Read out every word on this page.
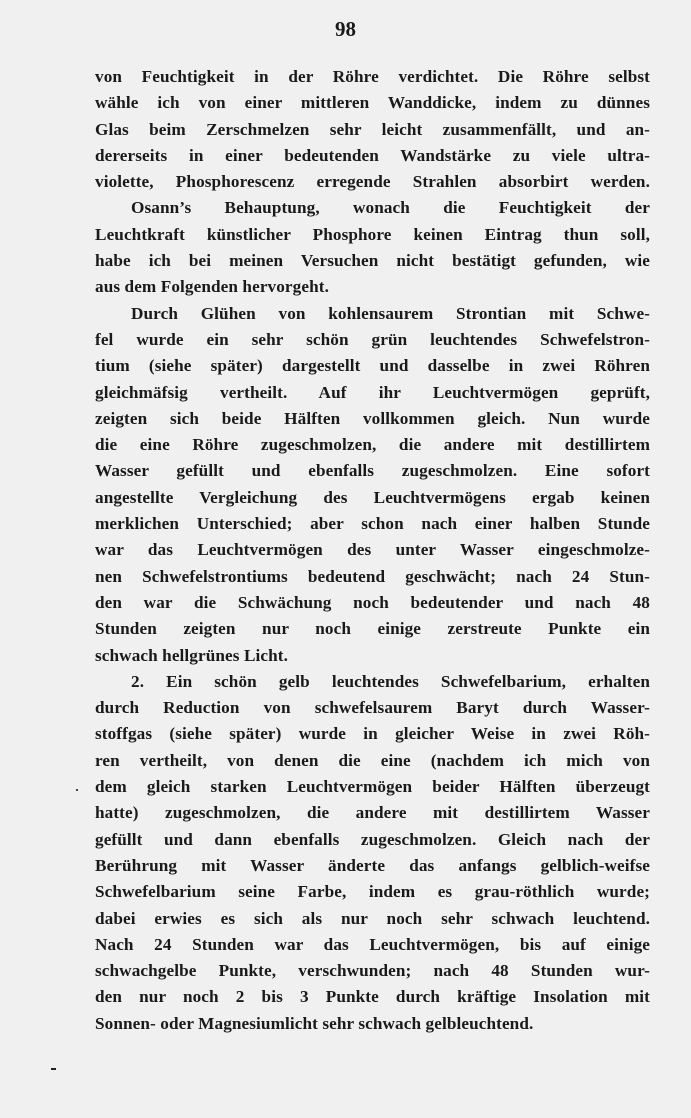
98
von Feuchtigkeit in der Röhre verdichtet. Die Röhre selbst
wähle ich von einer mittleren Wanddicke, indem zu dünnes
Glas beim Zerschmelzen sehr leicht zusammenfällt, und an-
dererseits in einer bedeutenden Wandstärke zu viele ultra-
violette, Phosphorescenz erregende Strahlen absorbirt werden.
Osann’s Behauptung, wonach die Feuchtigkeit der
Leuchtkraft künstlicher Phosphore keinen Eintrag thun soll,
habe ich bei meinen Versuchen nicht bestätigt gefunden, wie
aus dem Folgenden hervorgeht.
Durch Glühen von kohlensaurem Strontian mit Schwe-
fel wurde ein sehr schön grün leuchtendes Schwefelstron-
tium (siehe später) dargestellt und dasselbe in zwei Röhren
gleichmäfsig vertheilt. Auf ihr Leuchtvermögen geprüft,
zeigten sich beide Hälften vollkommen gleich. Nun wurde
die eine Röhre zugeschmolzen, die andere mit destillirtem
Wasser gefüllt und ebenfalls zugeschmolzen. Eine sofort
angestellte Vergleichung des Leuchtvermögens ergab keinen
merklichen Unterschied; aber schon nach einer halben Stunde
war das Leuchtvermögen des unter Wasser eingeschmolze-
nen Schwefelstrontiums bedeutend geschwächt; nach 24 Stun-
den war die Schwächung noch bedeutender und nach 48
Stunden zeigten nur noch einige zerstreute Punkte ein
schwach hellgrünes Licht.
2. Ein schön gelb leuchtendes Schwefelbarium, erhalten
durch Reduction von schwefelsaurem Baryt durch Wasser-
stoffgas (siehe später) wurde in gleicher Weise in zwei Röh-
ren vertheilt, von denen die eine (nachdem ich mich von
dem gleich starken Leuchtvermögen beider Hälften überzeugt
hatte) zugeschmolzen, die andere mit destillirtem Wasser
gefüllt und dann ebenfalls zugeschmolzen. Gleich nach der
Berührung mit Wasser änderte das anfangs gelblich-weifse
Schwefelbarium seine Farbe, indem es grau-röthlich wurde;
dabei erwies es sich als nur noch sehr schwach leuchtend.
Nach 24 Stunden war das Leuchtvermögen, bis auf einige
schwachgelbe Punkte, verschwunden; nach 48 Stunden wur-
den nur noch 2 bis 3 Punkte durch kräftige Insolation mit
Sonnen- oder Magnesiumlicht sehr schwach gelbleuchtend.
